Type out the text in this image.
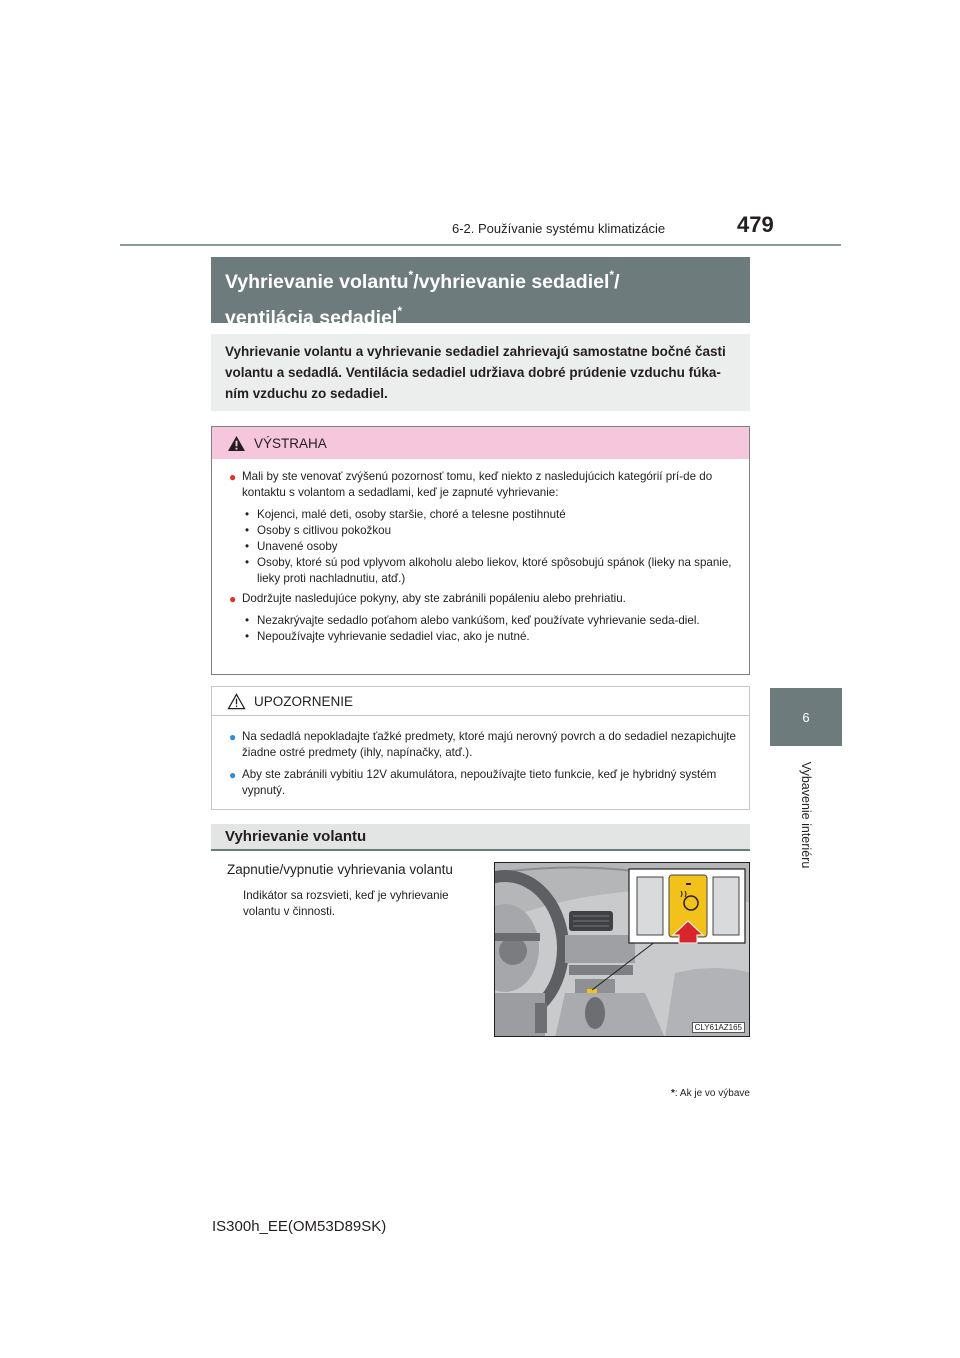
6-2. Používanie systému klimatizácie	479
6
Vybavenie interiéru
Vyhrievanie volantu*/vyhrievanie sedadiel*/
ventilácia sedadiel*
Vyhrievanie volantu a vyhrievanie sedadiel zahrievajú samostatne bočné časti volantu a sedadlá. Ventilácia sedadiel udržiava dobré prúdenie vzduchu fúka-ním vzduchu zo sedadiel.
VÝSTRAHA

● Mali by ste venovať zvýšenú pozornosť tomu, keď niekto z nasledujúcich kategórií prí-de do kontaktu s volantom a sedadlami, keď je zapnuté vyhrievanie:

• Kojenci, malé deti, osoby staršie, choré a telesne postihnuté

• Osoby s citlivou pokožkou

• Unavené osoby

• Osoby, ktoré sú pod vplyvom alkoholu alebo liekov, ktoré spôsobujú spánok (lieky na spanie, lieky proti nachladnutiu, atď.)

● Dodržujte nasledujúce pokyny, aby ste zabránili popáleniu alebo prehriatiu.

• Nezakrývajte sedadlo poťahom alebo vankúšom, keď používate vyhrievanie seda-diel.

• Nepoužívajte vyhrievanie sedadiel viac, ako je nutné.

UPOZORNENIE

● Na sedadlá nepokladajte ťažké predmety, ktoré majú nerovný povrch a do sedadiel nezapichujte žiadne ostré predmety (ihly, napínačky, atď.).

● Aby ste zabránili vybitiu 12V akumulátora, nepoužívajte tieto funkcie, keď je hybridný systém vypnutý.

Vyhrievanie volantu
Zapnutie/vypnutie vyhrievania volantu
Indikátor sa rozsvieti, keď je vyhrievanie volantu v činnosti.
CLY61AZ165
*: Ak je vo výbave
IS300h_EE(OM53D89SK)
